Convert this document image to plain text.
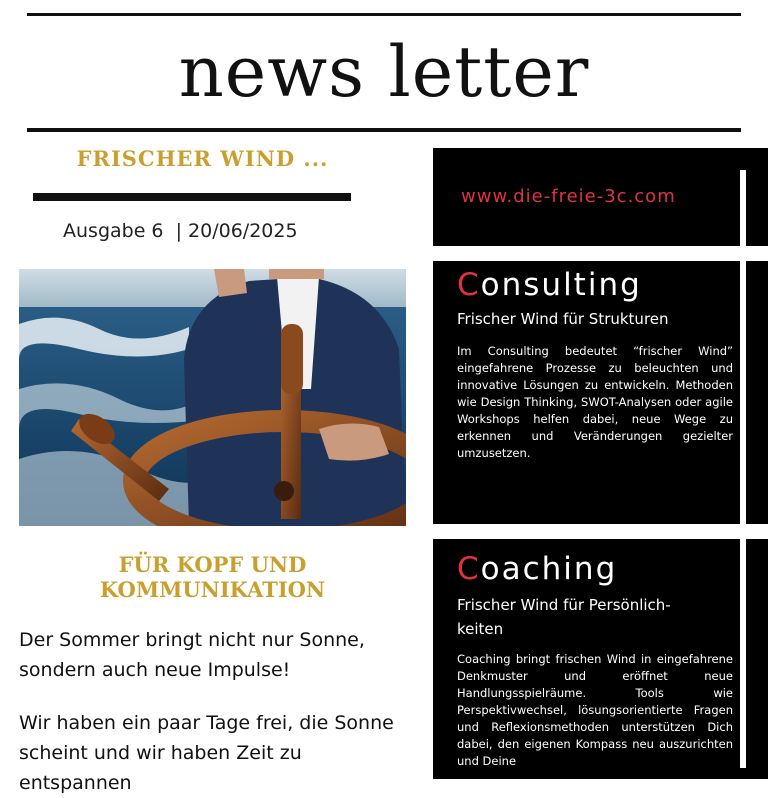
news letter
FRISCHER WIND ...
Ausgabe 6  | 20/06/2025
FÜR KOPF UND
KOMMUNIKATION

Der Sommer bringt nicht nur Sonne, sondern auch neue Impulse!

Wir haben ein paar Tage frei, die Sonne scheint und wir haben Zeit zu entspannen

www.die-freie-3c.com
Consulting
Frischer Wind für Strukturen

Im Consulting bedeutet “frischer Wind” eingefahrene Prozesse zu beleuchten und innovative Lösungen zu entwickeln. Methoden wie Design Thinking, SWOT-Analysen oder agile Workshops helfen dabei, neue Wege zu erkennen und Veränderungen gezielter umzusetzen.

Coaching
Frischer Wind für Persönlich-keiten

Coaching bringt frischen Wind in eingefahrene Denkmuster und eröffnet neue Handlungsspielräume. Tools wie Perspektivwechsel, lösungsorientierte Fragen und Reflexionsmethoden unterstützen Dich dabei, den eigenen Kompass neu auszurichten und Deine
